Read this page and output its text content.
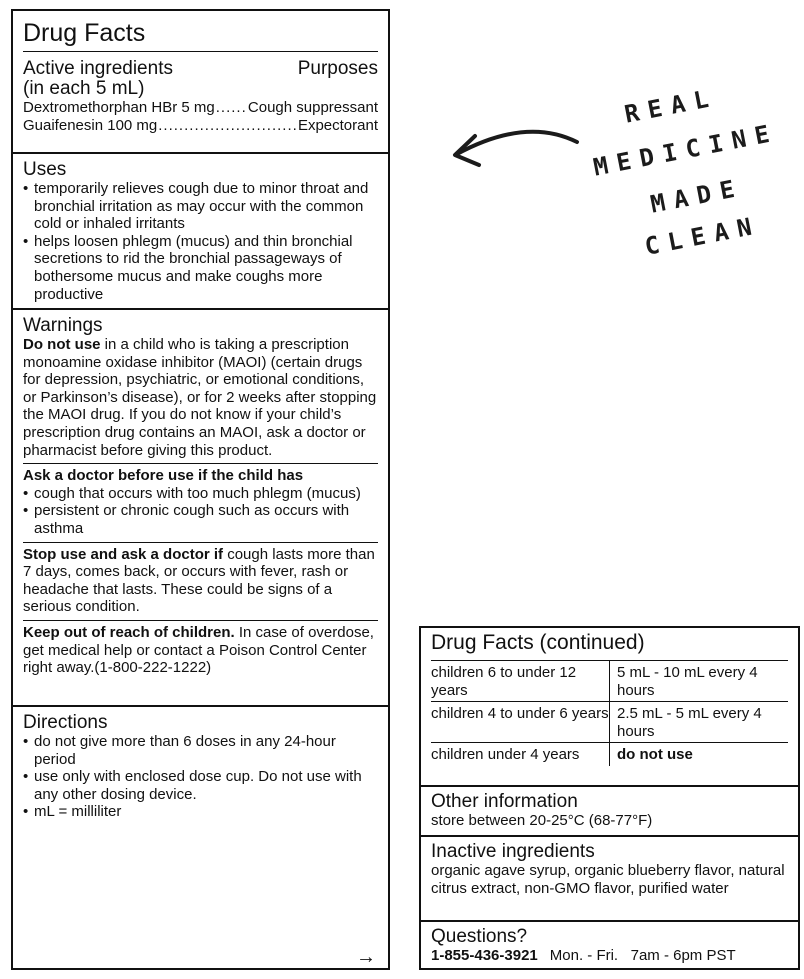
Drug Facts
Active ingredients	Purposes
(in each 5 mL)
Dextromethorphan HBr 5 mg ..... Cough suppressant
Guaifenesin 100 mg .....	Expectorant
Uses
• temporarily relieves cough due to minor throat and bronchial irritation as may occur with the common cold or inhaled irritants
• helps loosen phlegm (mucus) and thin bronchial secretions to rid the bronchial passageways of bothersome mucus and make coughs more productive
Warnings
Do not use in a child who is taking a prescription monoamine oxidase inhibitor (MAOI) (certain drugs for depression, psychiatric, or emotional conditions, or Parkinson’s disease), or for 2 weeks after stopping the MAOI drug. If you do not know if your child’s prescription drug contains an MAOI, ask a doctor or pharmacist before giving this product.
Ask a doctor before use if the child has
• cough that occurs with too much phlegm (mucus)
• persistent or chronic cough such as occurs with asthma
Stop use and ask a doctor if cough lasts more than 7 days, comes back, or occurs with fever, rash or headache that lasts. These could be signs of a serious condition.
Keep out of reach of children. In case of overdose, get medical help or contact a Poison Control Center right away.(1-800-222-1222)
Directions
• do not give more than 6 doses in any 24-hour period
• use only with enclosed dose cup. Do not use with any other dosing device.
• mL = milliliter
→
REAL
MEDICINE
MADE
CLEAN
Drug Facts (continued)
children 6 to under 12 years	5 mL - 10 mL every 4 hours
children 4 to under 6 years	2.5 mL - 5 mL every 4 hours
children under 4 years	do not use
Other information
store between 20-25°C (68-77°F)
Inactive ingredients
organic agave syrup, organic blueberry flavor, natural citrus extract, non-GMO flavor, purified water
Questions?
1-855-436-3921 Mon. - Fri.   7am - 6pm PST
